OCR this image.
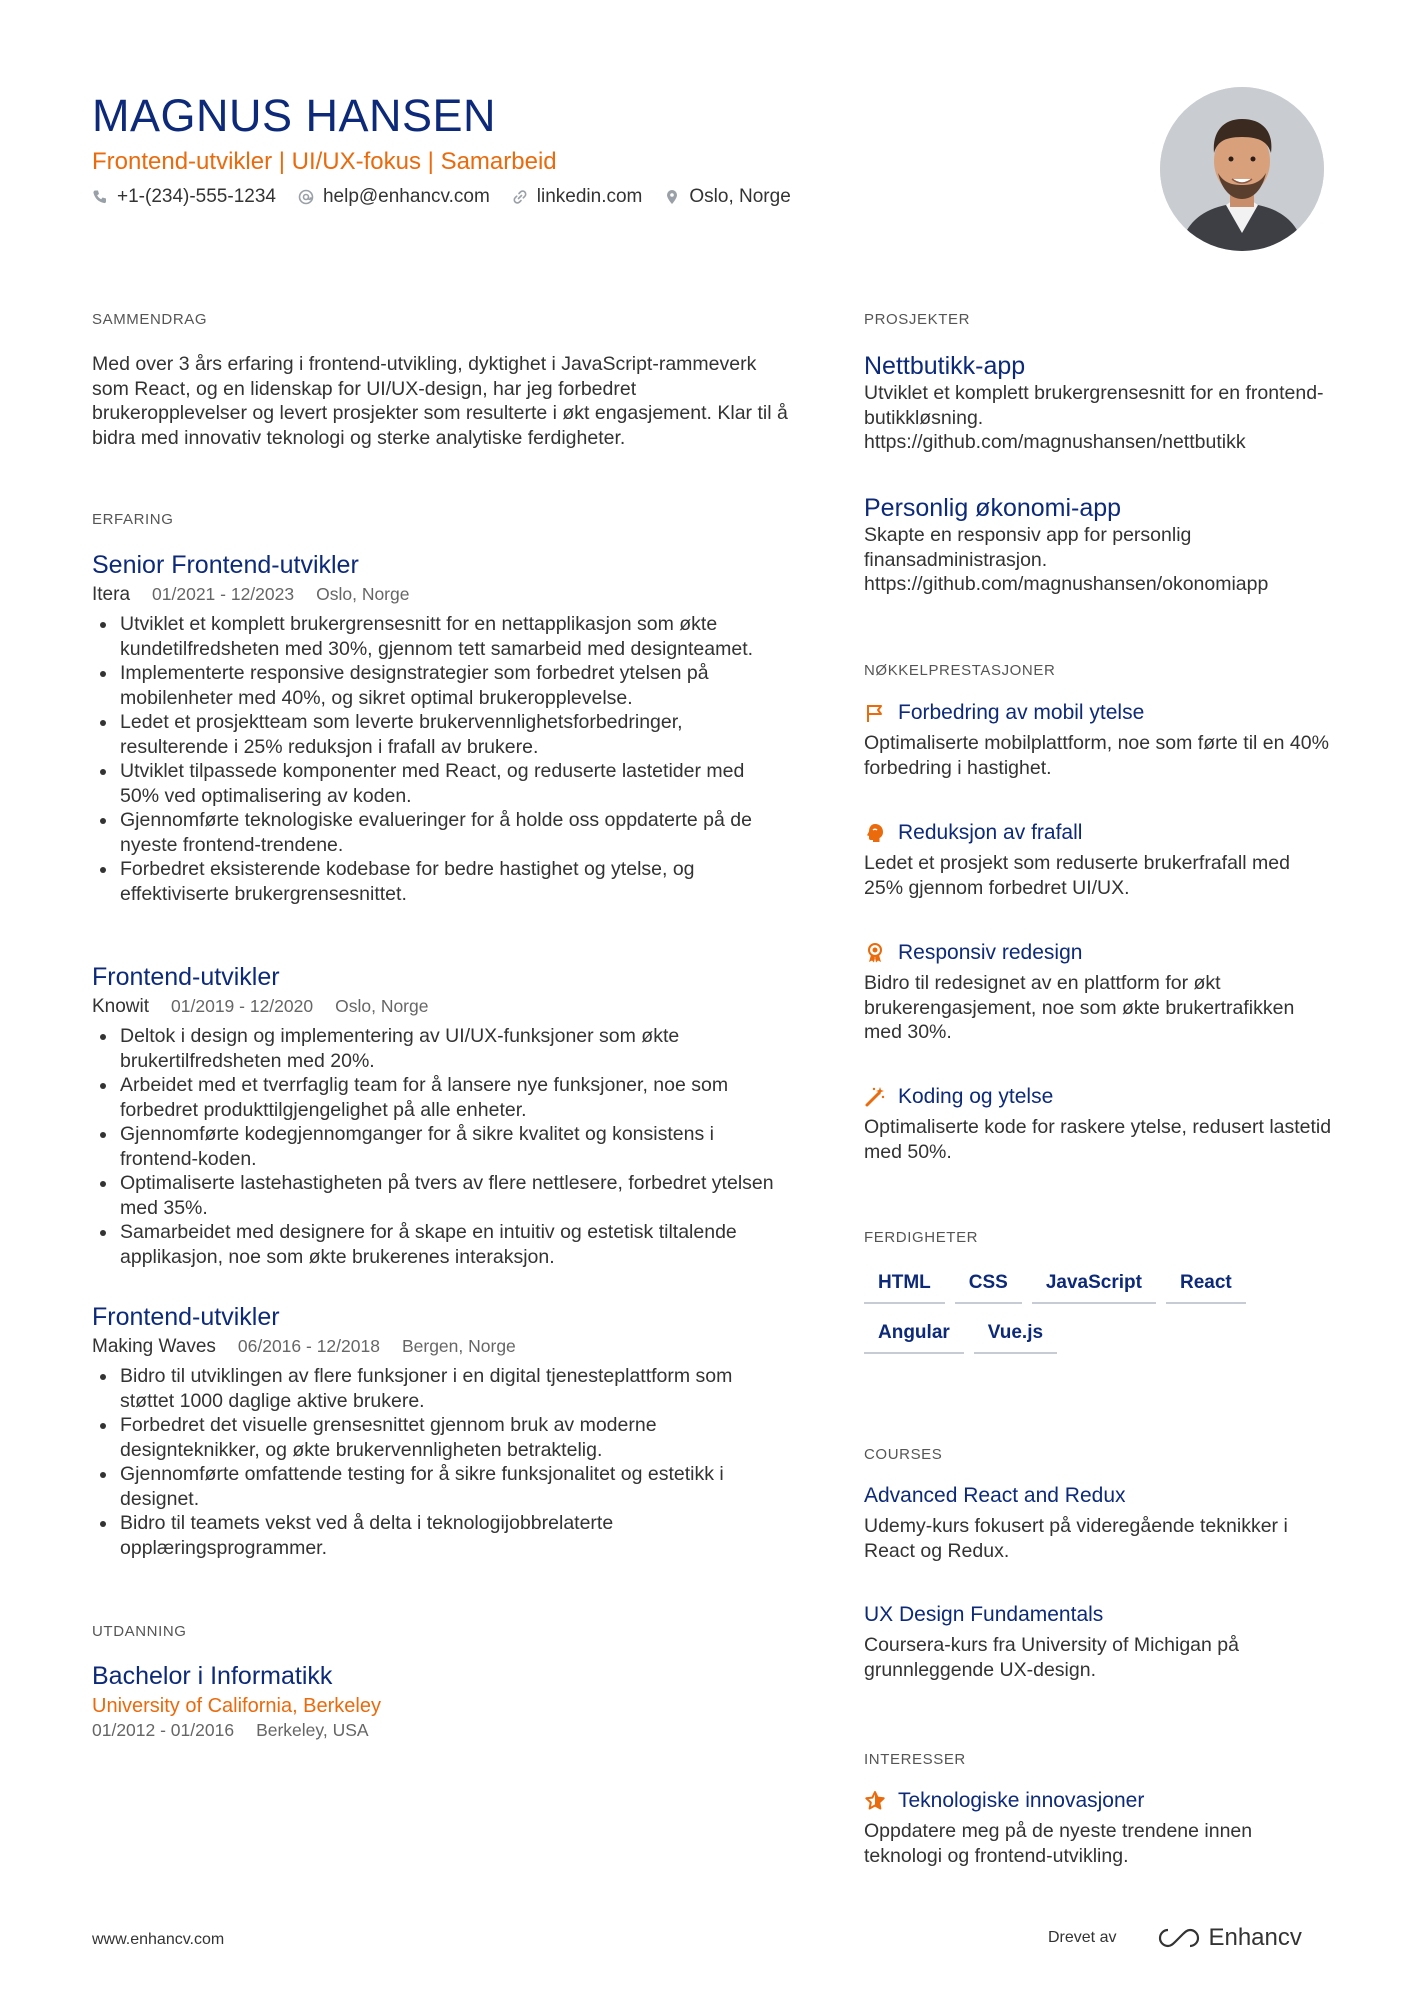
MAGNUS HANSEN
Frontend-utvikler | UI/UX-fokus | Samarbeid
+1-(234)-555-1234 help@enhancv.com linkedin.com Oslo, Norge
SAMMENDRAG
Med over 3 års erfaring i frontend-utvikling, dyktighet i JavaScript-rammeverk som React, og en lidenskap for UI/UX-design, har jeg forbedret brukeropplevelser og levert prosjekter som resulterte i økt engasjement. Klar til å bidra med innovativ teknologi og sterke analytiske ferdigheter.
ERFARING
Senior Frontend-utvikler
Itera 01/2021 - 12/2023 Oslo, Norge
Utviklet et komplett brukergrensesnitt for en nettapplikasjon som økte kundetilfredsheten med 30%, gjennom tett samarbeid med designteamet.
Implementerte responsive designstrategier som forbedret ytelsen på mobilenheter med 40%, og sikret optimal brukeropplevelse.
Ledet et prosjektteam som leverte brukervennlighetsforbedringer, resulterende i 25% reduksjon i frafall av brukere.
Utviklet tilpassede komponenter med React, og reduserte lastetider med 50% ved optimalisering av koden.
Gjennomførte teknologiske evalueringer for å holde oss oppdaterte på de nyeste frontend-trendene.
Forbedret eksisterende kodebase for bedre hastighet og ytelse, og effektiviserte brukergrensesnittet.
Frontend-utvikler
Knowit 01/2019 - 12/2020 Oslo, Norge
Deltok i design og implementering av UI/UX-funksjoner som økte brukertilfredsheten med 20%.
Arbeidet med et tverrfaglig team for å lansere nye funksjoner, noe som forbedret produkttilgjengelighet på alle enheter.
Gjennomførte kodegjennomganger for å sikre kvalitet og konsistens i frontend-koden.
Optimaliserte lastehastigheten på tvers av flere nettlesere, forbedret ytelsen med 35%.
Samarbeidet med designere for å skape en intuitiv og estetisk tiltalende applikasjon, noe som økte brukerenes interaksjon.
Frontend-utvikler
Making Waves 06/2016 - 12/2018 Bergen, Norge
Bidro til utviklingen av flere funksjoner i en digital tjenesteplattform som støttet 1000 daglige aktive brukere.
Forbedret det visuelle grensesnittet gjennom bruk av moderne designteknikker, og økte brukervennligheten betraktelig.
Gjennomførte omfattende testing for å sikre funksjonalitet og estetikk i designet.
Bidro til teamets vekst ved å delta i teknologijobbrelaterte opplæringsprogrammer.
UTDANNING
Bachelor i Informatikk
University of California, Berkeley
01/2012 - 01/2016 Berkeley, USA
PROSJEKTER
Nettbutikk-app
Utviklet et komplett brukergrensesnitt for en frontend-butikkløsning.
https://github.com/magnushansen/nettbutikk
Personlig økonomi-app
Skapte en responsiv app for personlig finansadministrasjon.
https://github.com/magnushansen/okonomiapp
NØKKELPRESTASJONER
Forbedring av mobil ytelse
Optimaliserte mobilplattform, noe som førte til en 40% forbedring i hastighet.
Reduksjon av frafall
Ledet et prosjekt som reduserte brukerfrafall med 25% gjennom forbedret UI/UX.
Responsiv redesign
Bidro til redesignet av en plattform for økt brukerengasjement, noe som økte brukertrafikken med 30%.
Koding og ytelse
Optimaliserte kode for raskere ytelse, redusert lastetid med 50%.
FERDIGHETER
HTML CSS JavaScript React
Angular Vue.js
COURSES
Advanced React and Redux
Udemy-kurs fokusert på videregående teknikker i React og Redux.
UX Design Fundamentals
Coursera-kurs fra University of Michigan på grunnleggende UX-design.
INTERESSER
Teknologiske innovasjoner
Oppdatere meg på de nyeste trendene innen teknologi og frontend-utvikling.
www.enhancv.com	Drevet av	Enhancv
